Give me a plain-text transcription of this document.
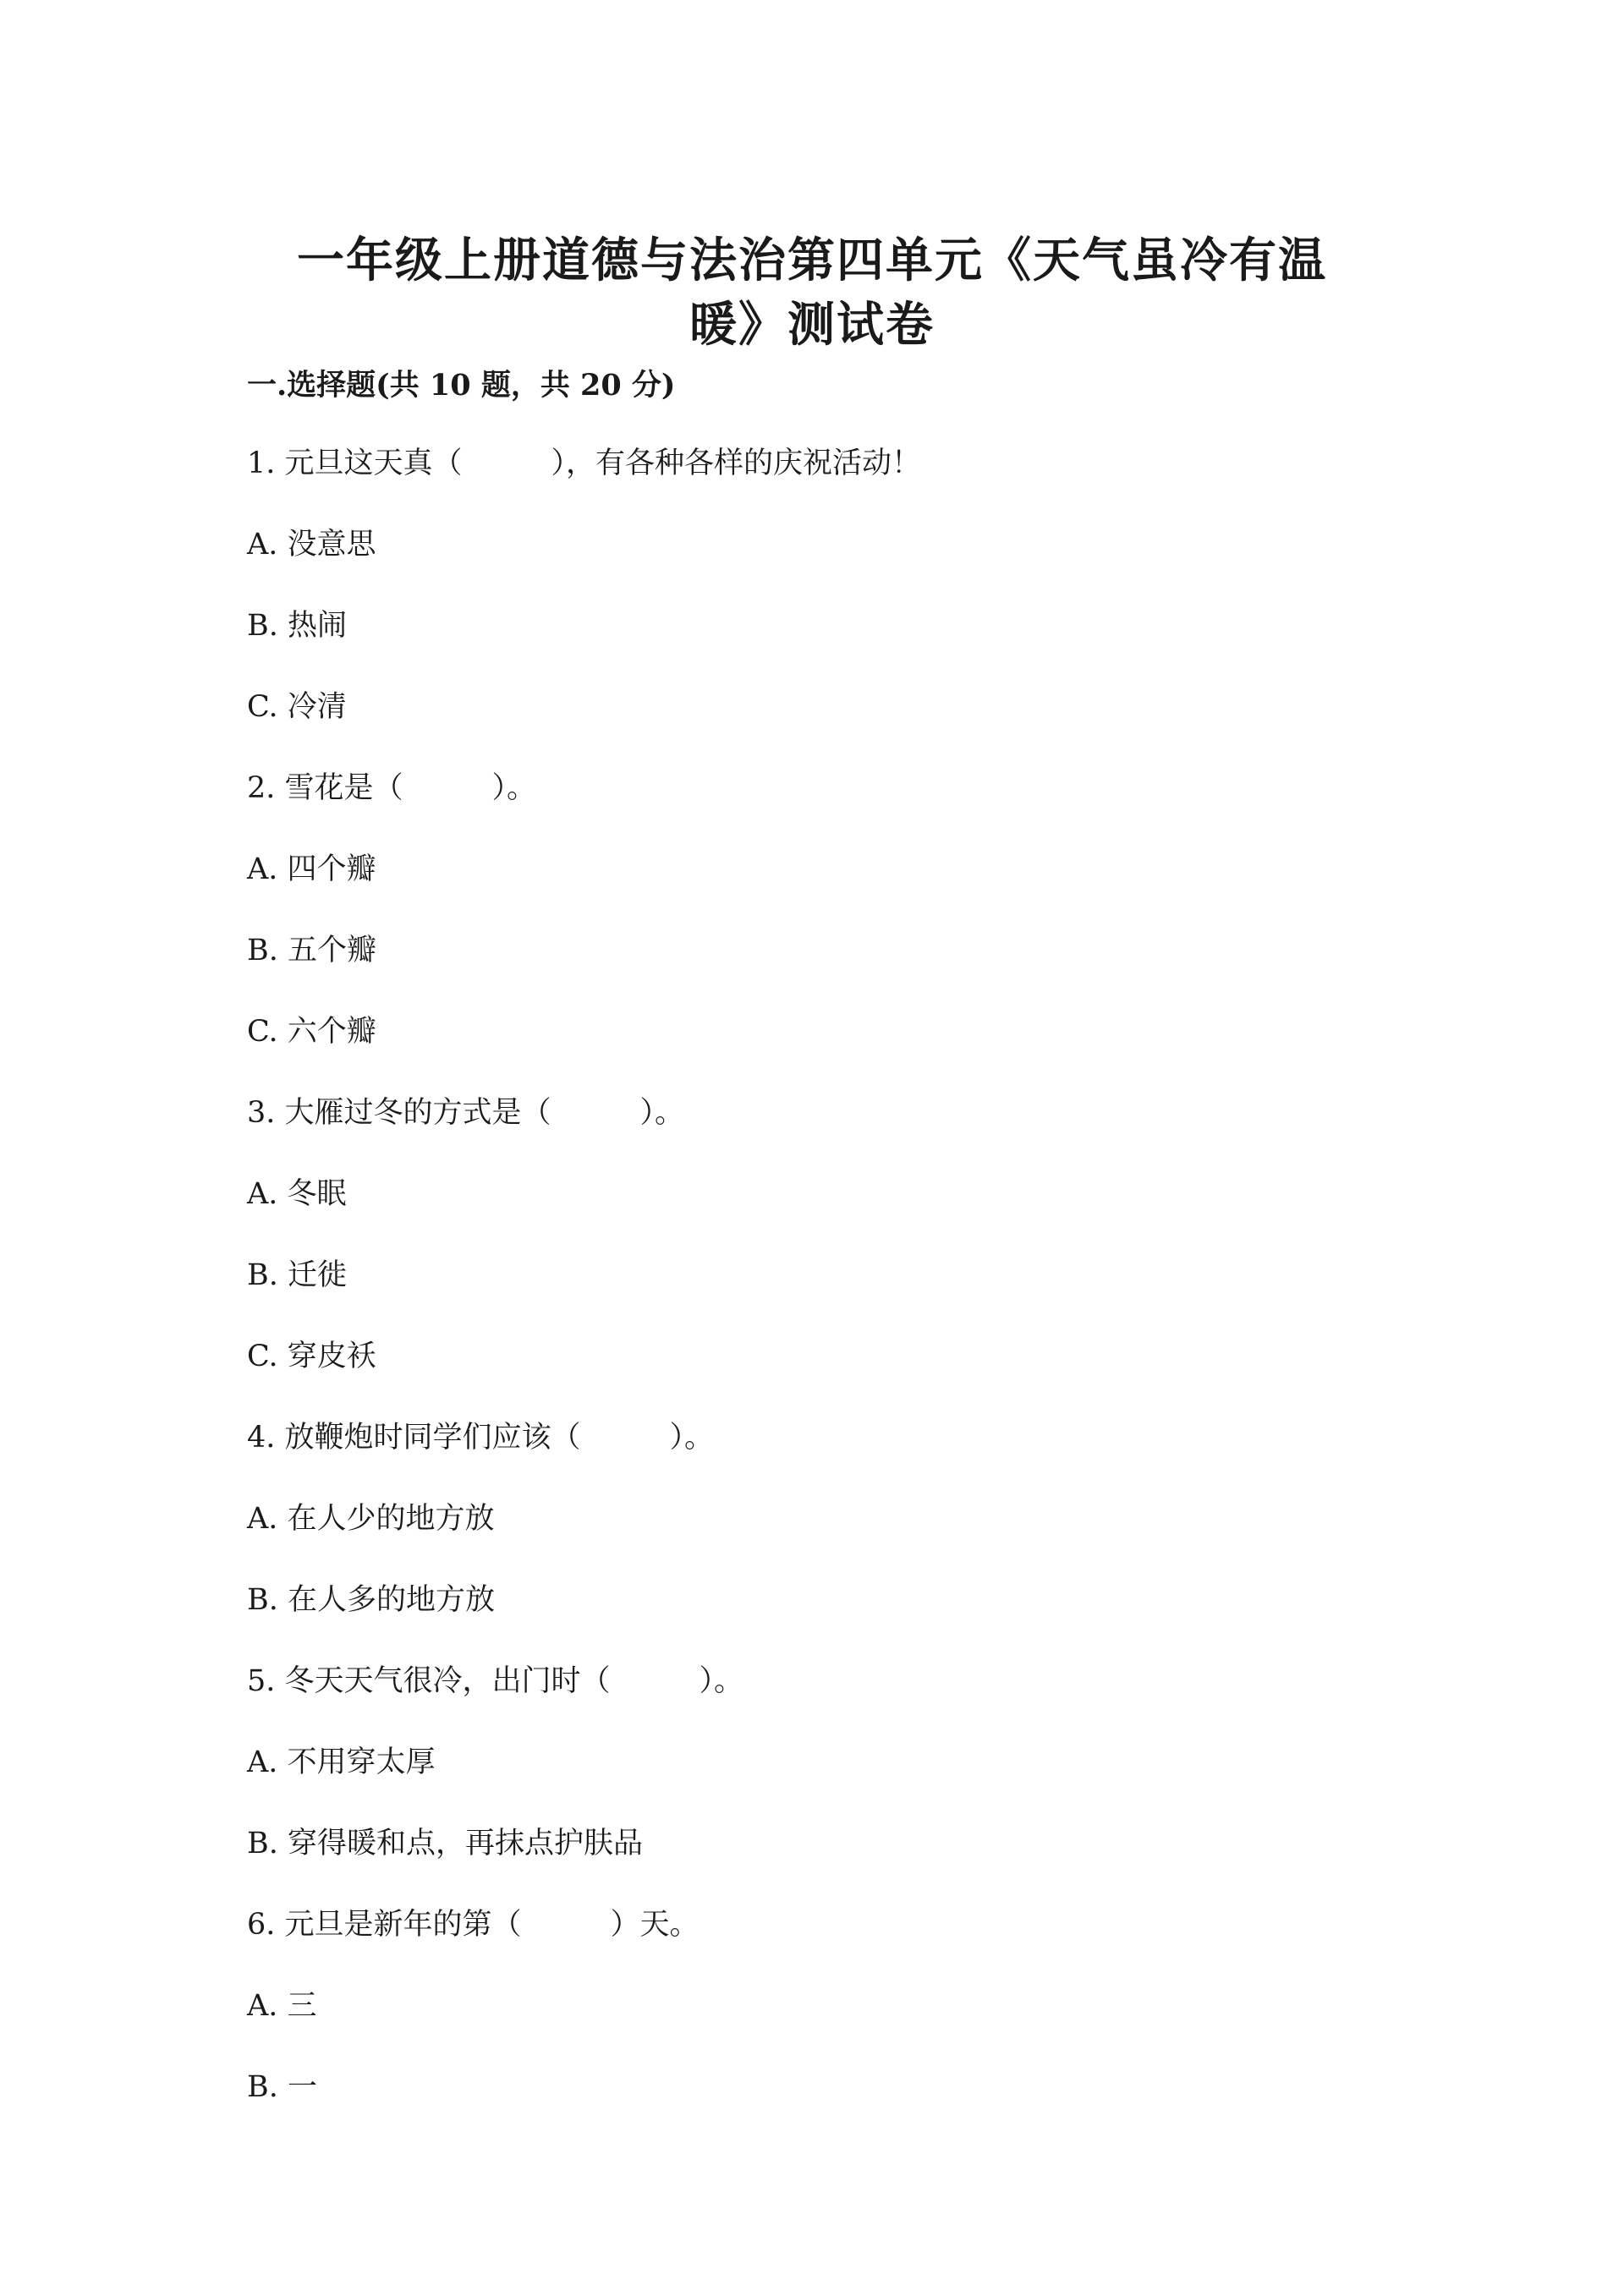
一年级上册道德与法治第四单元《天气虽冷有温
暖》测试卷
一.选择题(共 10 题，共 20 分)
1. 元旦这天真（　　　），有各种各样的庆祝活动！
A. 没意思
B. 热闹
C. 冷清
2. 雪花是（　　　）。
A. 四个瓣
B. 五个瓣
C. 六个瓣
3. 大雁过冬的方式是（　　　）。
A. 冬眠
B. 迁徙
C. 穿皮袄
4. 放鞭炮时同学们应该（　　　）。
A. 在人少的地方放
B. 在人多的地方放
5. 冬天天气很冷，出门时（　　　）。
A. 不用穿太厚
B. 穿得暖和点，再抹点护肤品
6. 元旦是新年的第（　　　）天。
A. 三
B. 一
